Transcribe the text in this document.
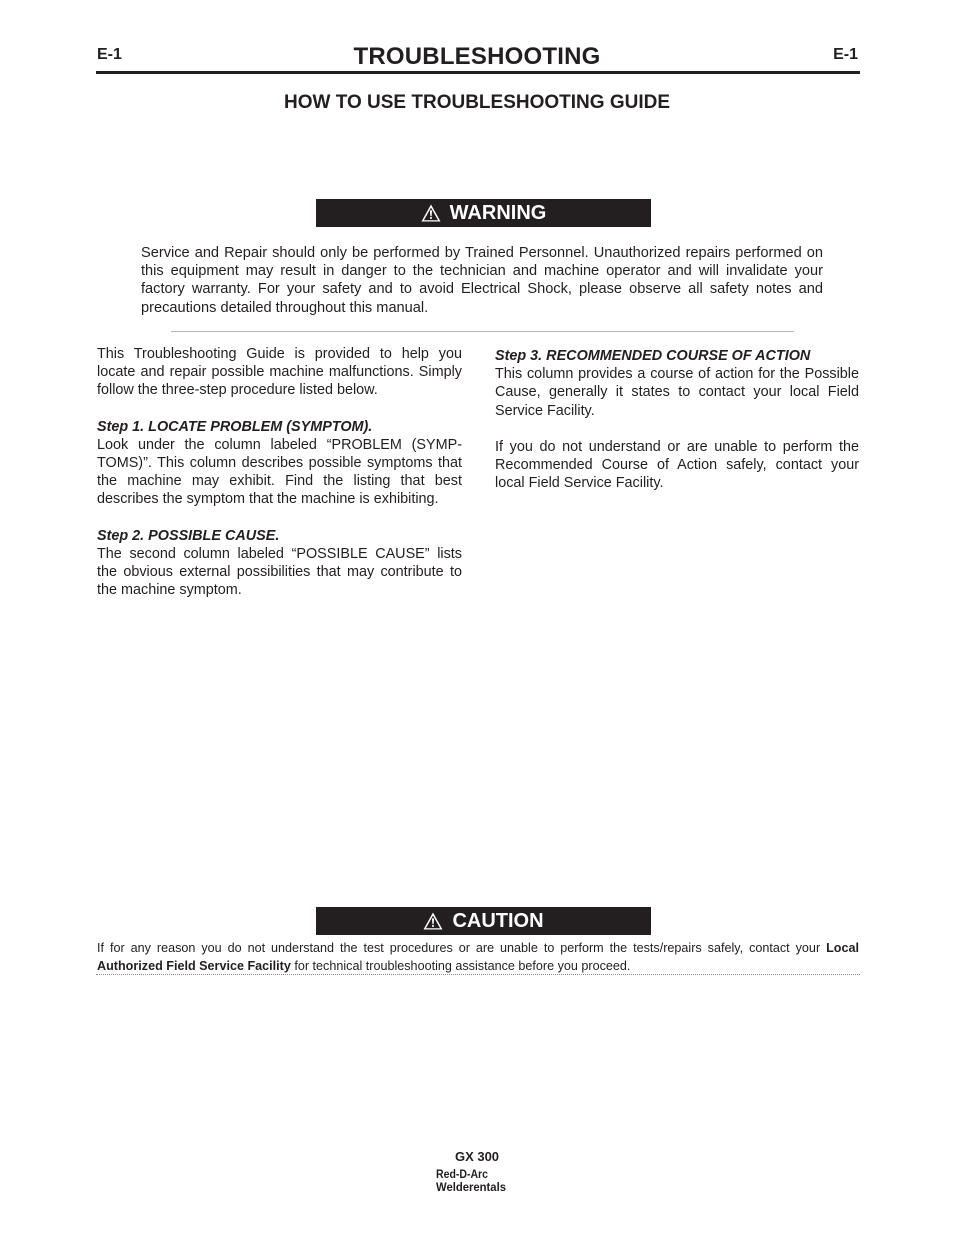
E-1	TROUBLESHOOTING	E-1
HOW TO USE TROUBLESHOOTING GUIDE
WARNING
Service and Repair should only be performed by Trained Personnel. Unauthorized repairs performed on this equipment may result in danger to the technician and machine operator and will invalidate your factory warranty. For your safety and to avoid Electrical Shock, please observe all safety notes and precautions detailed throughout this manual.

This Troubleshooting Guide is provided to help you locate and repair possible machine malfunctions. Simply follow the three-step procedure listed below.

Step 1. LOCATE PROBLEM (SYMPTOM).

Look under the column labeled “PROBLEM (SYMP-TOMS)”. This column describes possible symptoms that the machine may exhibit. Find the listing that best describes the symptom that the machine is exhibiting.

Step 2. POSSIBLE CAUSE.

The second column labeled “POSSIBLE CAUSE” lists the obvious external possibilities that may contribute to the machine symptom.

Step 3. RECOMMENDED COURSE OF ACTION

This column provides a course of action for the Possible Cause, generally it states to contact your local Field Service Facility.

If you do not understand or are unable to perform the Recommended Course of Action safely, contact your local Field Service Facility.

CAUTION
If for any reason you do not understand the test procedures or are unable to perform the tests/repairs safely, contact your Local Authorized Field Service Facility for technical troubleshooting assistance before you proceed.
GX 300
Red-D-Arc
Welderentals
